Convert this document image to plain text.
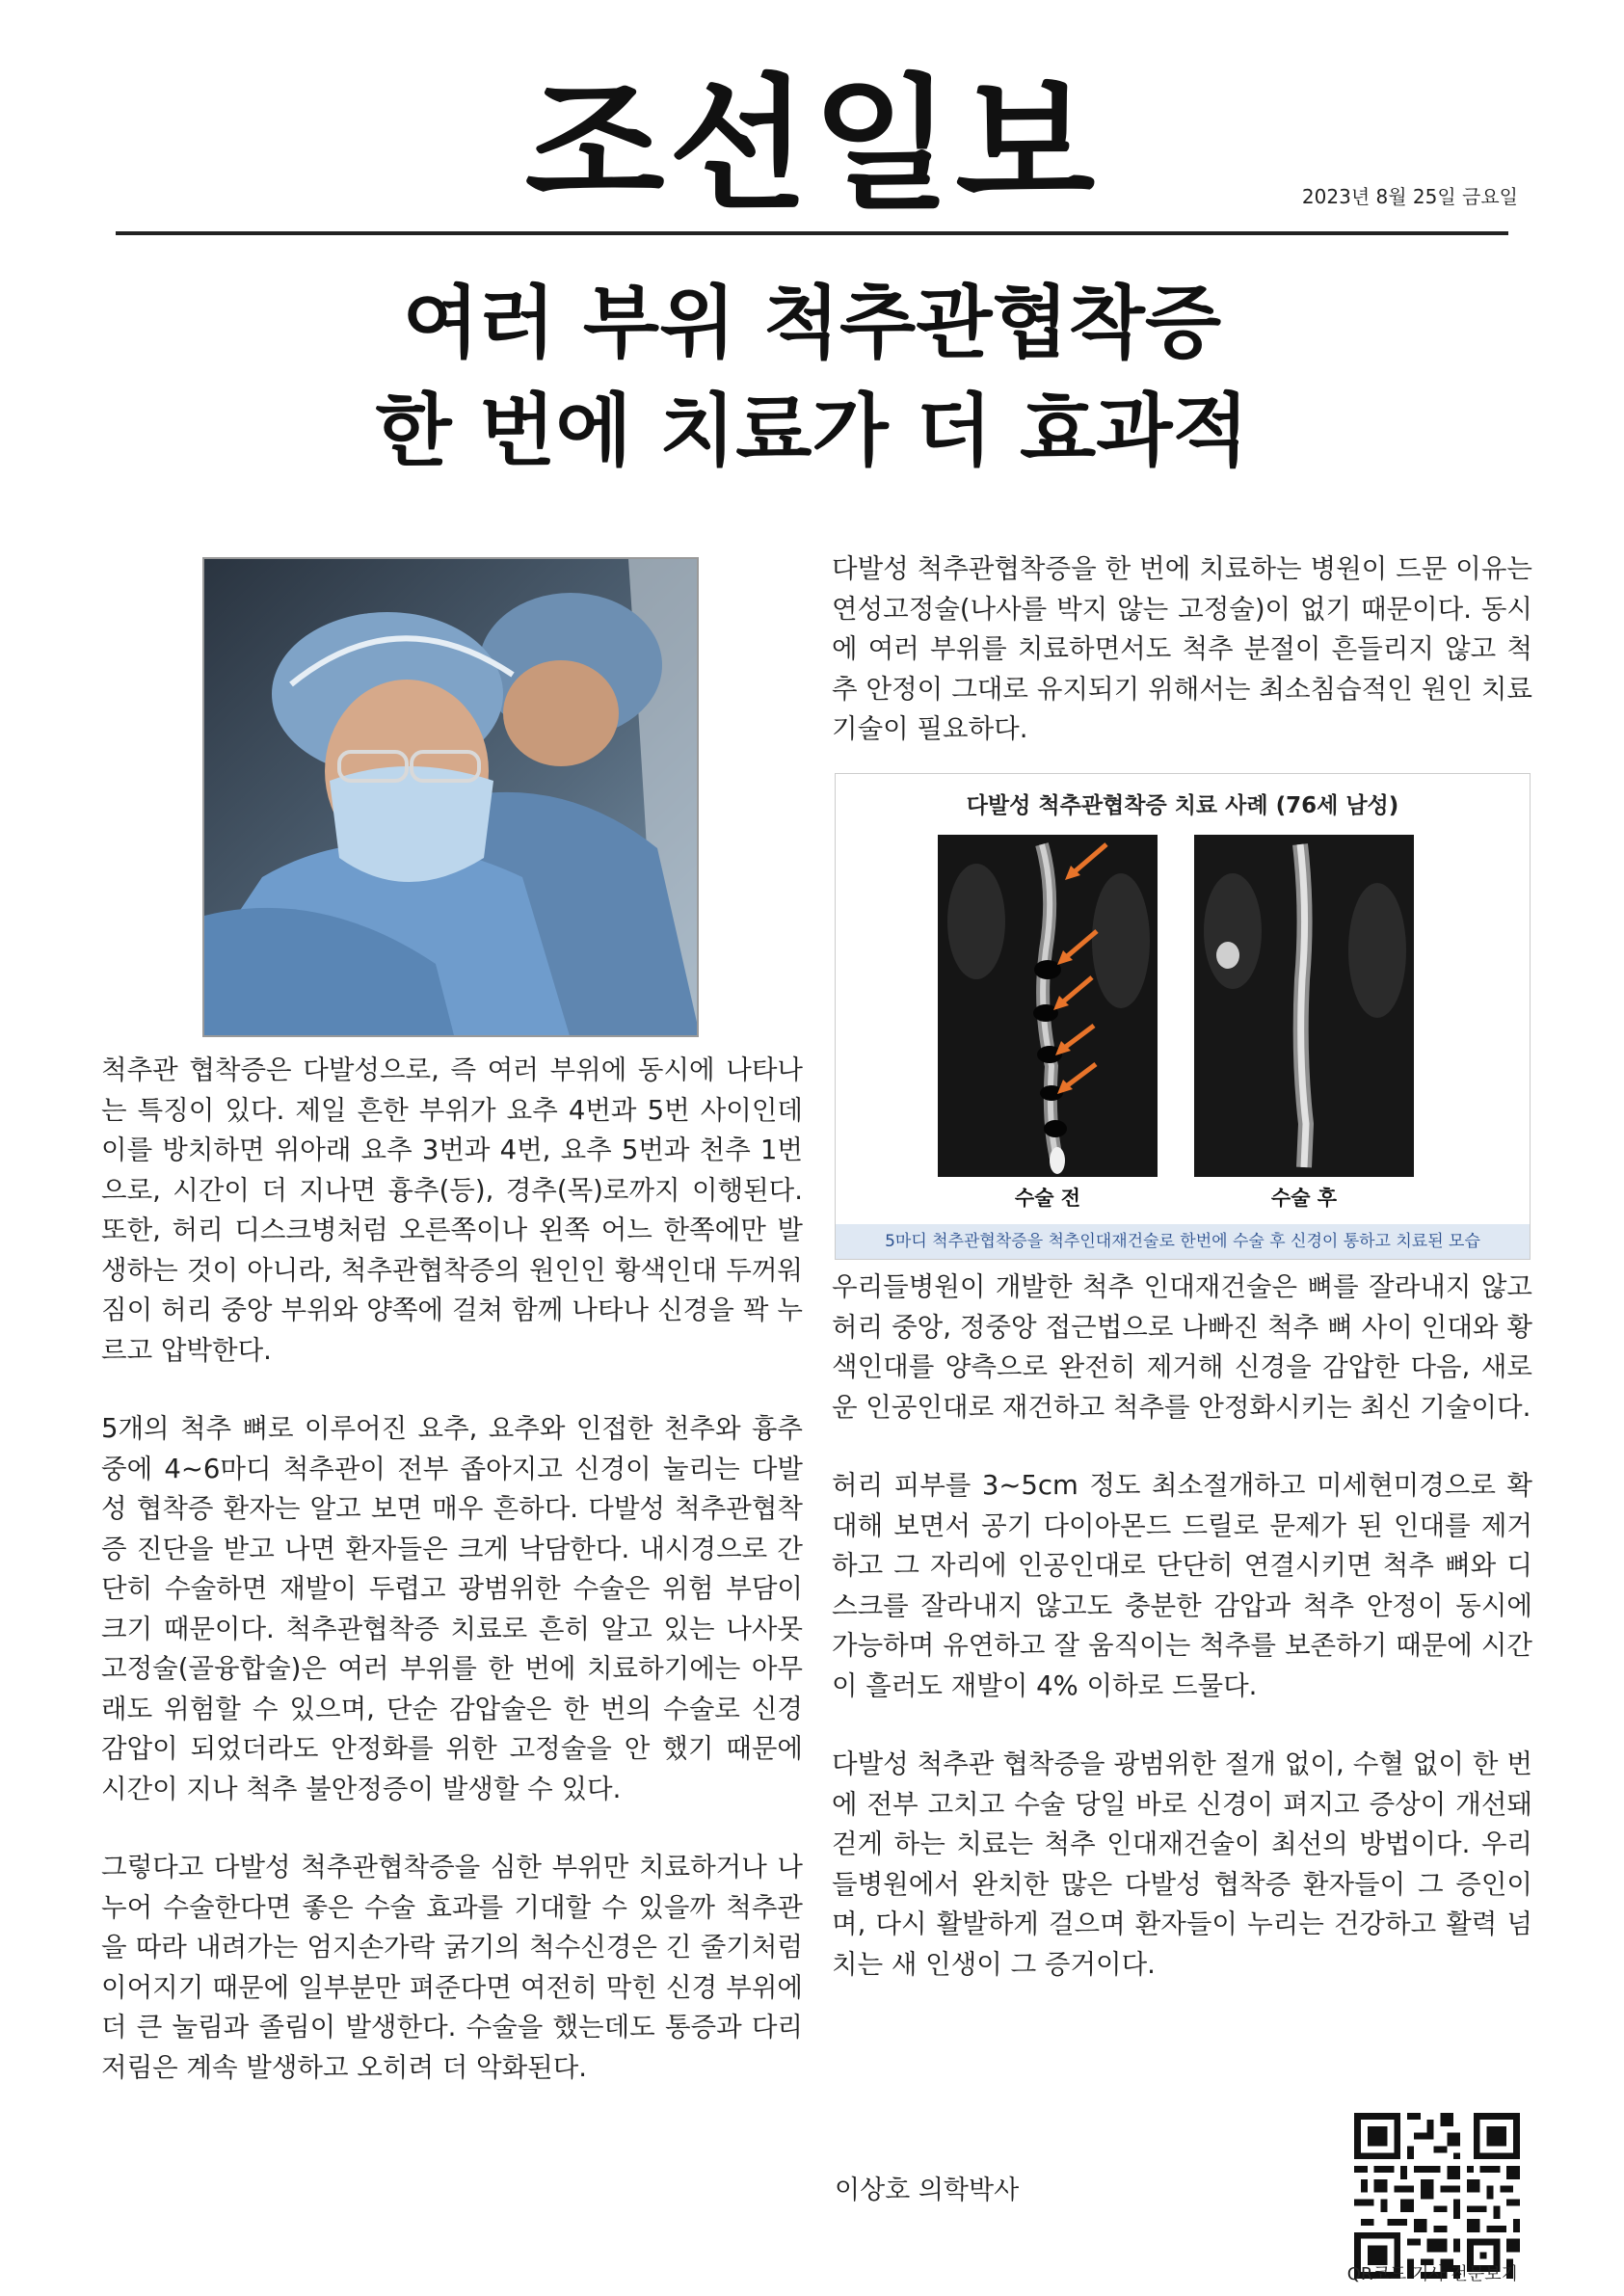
조선일보	2023년 8월 25일 금요일
여러 부위 척추관협착증
한 번에 치료가 더 효과적

척추관 협착증은 다발성으로, 즉 여러 부위에 동시에 나타나는 특징이 있다. 제일 흔한 부위가 요추 4번과 5번 사이인데 이를 방치하면 위아래 요추 3번과 4번, 요추 5번과 천추 1번으로, 시간이 더 지나면 흉추(등), 경추(목)로까지 이행된다. 또한, 허리 디스크병처럼 오른쪽이나 왼쪽 어느 한쪽에만 발생하는 것이 아니라, 척추관협착증의 원인인 황색인대 두꺼워짐이 허리 중앙 부위와 양쪽에 걸쳐 함께 나타나 신경을 꽉 누르고 압박한다.

5개의 척추 뼈로 이루어진 요추, 요추와 인접한 천추와 흉추 중에 4~6마디 척추관이 전부 좁아지고 신경이 눌리는 다발성 협착증 환자는 알고 보면 매우 흔하다. 다발성 척추관협착증 진단을 받고 나면 환자들은 크게 낙담한다. 내시경으로 간단히 수술하면 재발이 두렵고 광범위한 수술은 위험 부담이 크기 때문이다. 척추관협착증 치료로 흔히 알고 있는 나사못 고정술(골융합술)은 여러 부위를 한 번에 치료하기에는 아무래도 위험할 수 있으며, 단순 감압술은 한 번의 수술로 신경 감압이 되었더라도 안정화를 위한 고정술을 안 했기 때문에 시간이 지나 척추 불안정증이 발생할 수 있다.

그렇다고 다발성 척추관협착증을 심한 부위만 치료하거나 나누어 수술한다면 좋은 수술 효과를 기대할 수 있을까 척추관을 따라 내려가는 엄지손가락 굵기의 척수신경은 긴 줄기처럼 이어지기 때문에 일부분만 펴준다면 여전히 막힌 신경 부위에 더 큰 눌림과 졸림이 발생한다. 수술을 했는데도 통증과 다리 저림은 계속 발생하고 오히려 더 악화된다.

다발성 척추관협착증을 한 번에 치료하는 병원이 드문 이유는 연성고정술(나사를 박지 않는 고정술)이 없기 때문이다. 동시에 여러 부위를 치료하면서도 척추 분절이 흔들리지 않고 척추 안정이 그대로 유지되기 위해서는 최소침습적인 원인 치료기술이 필요하다.

다발성 척추관협착증 치료 사례 (76세 남성)
수술 전	수술 후
5마디 척추관협착증을 척추인대재건술로 한번에 수술 후 신경이 통하고 치료된 모습

우리들병원이 개발한 척추 인대재건술은 뼈를 잘라내지 않고 허리 중앙, 정중앙 접근법으로 나빠진 척추 뼈 사이 인대와 황색인대를 양측으로 완전히 제거해 신경을 감압한 다음, 새로운 인공인대로 재건하고 척추를 안정화시키는 최신 기술이다.

허리 피부를 3~5cm 정도 최소절개하고 미세현미경으로 확대해 보면서 공기 다이아몬드 드릴로 문제가 된 인대를 제거하고 그 자리에 인공인대로 단단히 연결시키면 척추 뼈와 디스크를 잘라내지 않고도 충분한 감압과 척추 안정이 동시에 가능하며 유연하고 잘 움직이는 척추를 보존하기 때문에 시간이 흘러도 재발이 4% 이하로 드물다.

다발성 척추관 협착증을 광범위한 절개 없이, 수혈 없이 한 번에 전부 고치고 수술 당일 바로 신경이 펴지고 증상이 개선돼 걷게 하는 치료는 척추 인대재건술이 최선의 방법이다. 우리들병원에서 완치한 많은 다발성 협착증 환자들이 그 증인이며, 다시 활발하게 걸으며 환자들이 누리는 건강하고 활력 넘치는 새 인생이 그 증거이다.

이상호 의학박사
QR코드 기사 전문보기
